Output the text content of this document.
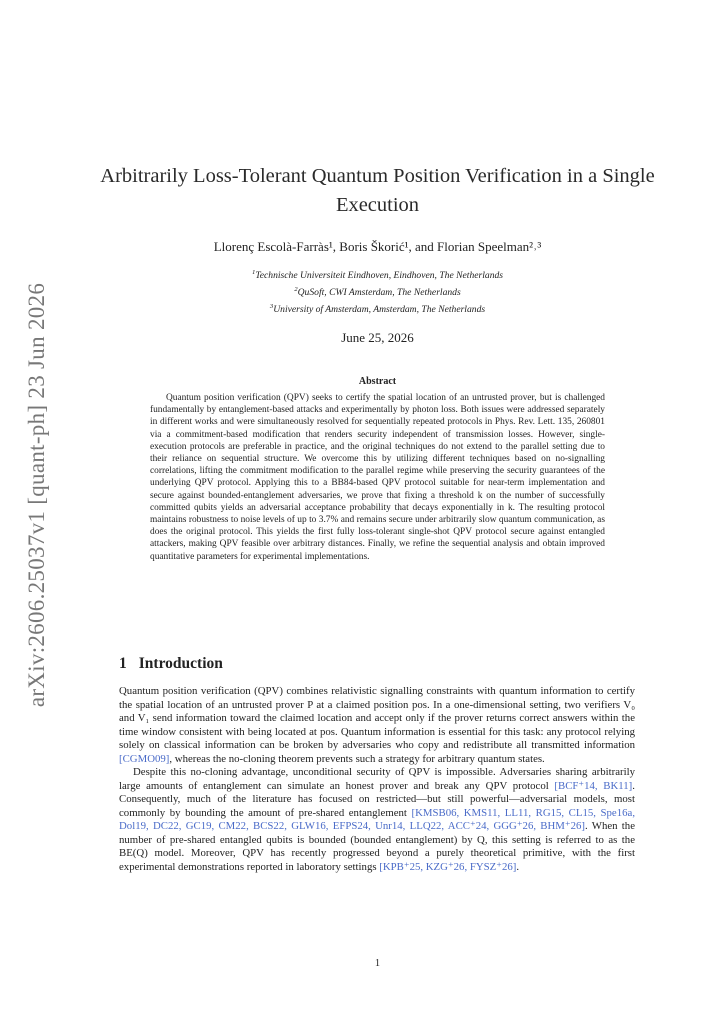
arXiv:2606.25037v1 [quant-ph] 23 Jun 2026
Arbitrarily Loss-Tolerant Quantum Position Verification in a Single Execution
Llorenç Escolà-Farràs¹, Boris Škorić¹, and Florian Speelman²˒³
$^1$Technische Universiteit Eindhoven, Eindhoven, The Netherlands
$^2$QuSoft, CWI Amsterdam, The Netherlands
$^3$University of Amsterdam, Amsterdam, The Netherlands
June 25, 2026
Abstract

Quantum position verification (QPV) seeks to certify the spatial location of an untrusted prover, but is challenged fundamentally by entanglement-based attacks and experimentally by photon loss. Both issues were addressed separately in different works and were simultaneously resolved for sequentially repeated protocols in Phys. Rev. Lett. 135, 260801 via a commitment-based modification that renders security independent of transmission losses. However, single-execution protocols are preferable in practice, and the original techniques do not extend to the parallel setting due to their reliance on sequential structure. We overcome this by utilizing different techniques based on no-signalling correlations, lifting the commitment modification to the parallel regime while preserving the security guarantees of the underlying QPV protocol. Applying this to a BB84-based QPV protocol suitable for near-term implementation and secure against bounded-entanglement adversaries, we prove that fixing a threshold k on the number of successfully committed qubits yields an adversarial acceptance probability that decays exponentially in k. The resulting protocol maintains robustness to noise levels of up to 3.7% and remains secure under arbitrarily slow quantum communication, as does the original protocol. This yields the first fully loss-tolerant single-shot QPV protocol secure against entangled attackers, making QPV feasible over arbitrary distances. Finally, we refine the sequential analysis and obtain improved quantitative parameters for experimental implementations.

1 Introduction

Quantum position verification (QPV) combines relativistic signalling constraints with quantum information to certify the spatial location of an untrusted prover P at a claimed position pos. In a one-dimensional setting, two verifiers V₀ and V₁ send information toward the claimed location and accept only if the prover returns correct answers within the time window consistent with being located at pos. Quantum information is essential for this task: any protocol relying solely on classical information can be broken by adversaries who copy and redistribute all transmitted information [CGMO09], whereas the no-cloning theorem prevents such a strategy for arbitrary quantum states.

Despite this no-cloning advantage, unconditional security of QPV is impossible. Adversaries sharing arbitrarily large amounts of entanglement can simulate an honest prover and break any QPV protocol [BCF⁺14, BK11]. Consequently, much of the literature has focused on restricted—but still powerful—adversarial models, most commonly by bounding the amount of pre-shared entanglement [KMSB06, KMS11, LL11, RG15, CL15, Spe16a, Dol19, DC22, GC19, CM22, BCS22, GLW16, EFPS24, Unr14, LLQ22, ACC⁺24, GGG⁺26, BHM⁺26]. When the number of pre-shared entangled qubits is bounded (bounded entanglement) by Q, this setting is referred to as the BE(Q) model. Moreover, QPV has recently progressed beyond a purely theoretical primitive, with the first experimental demonstrations reported in laboratory settings [KPB⁺25, KZG⁺26, FYSZ⁺26].

1
